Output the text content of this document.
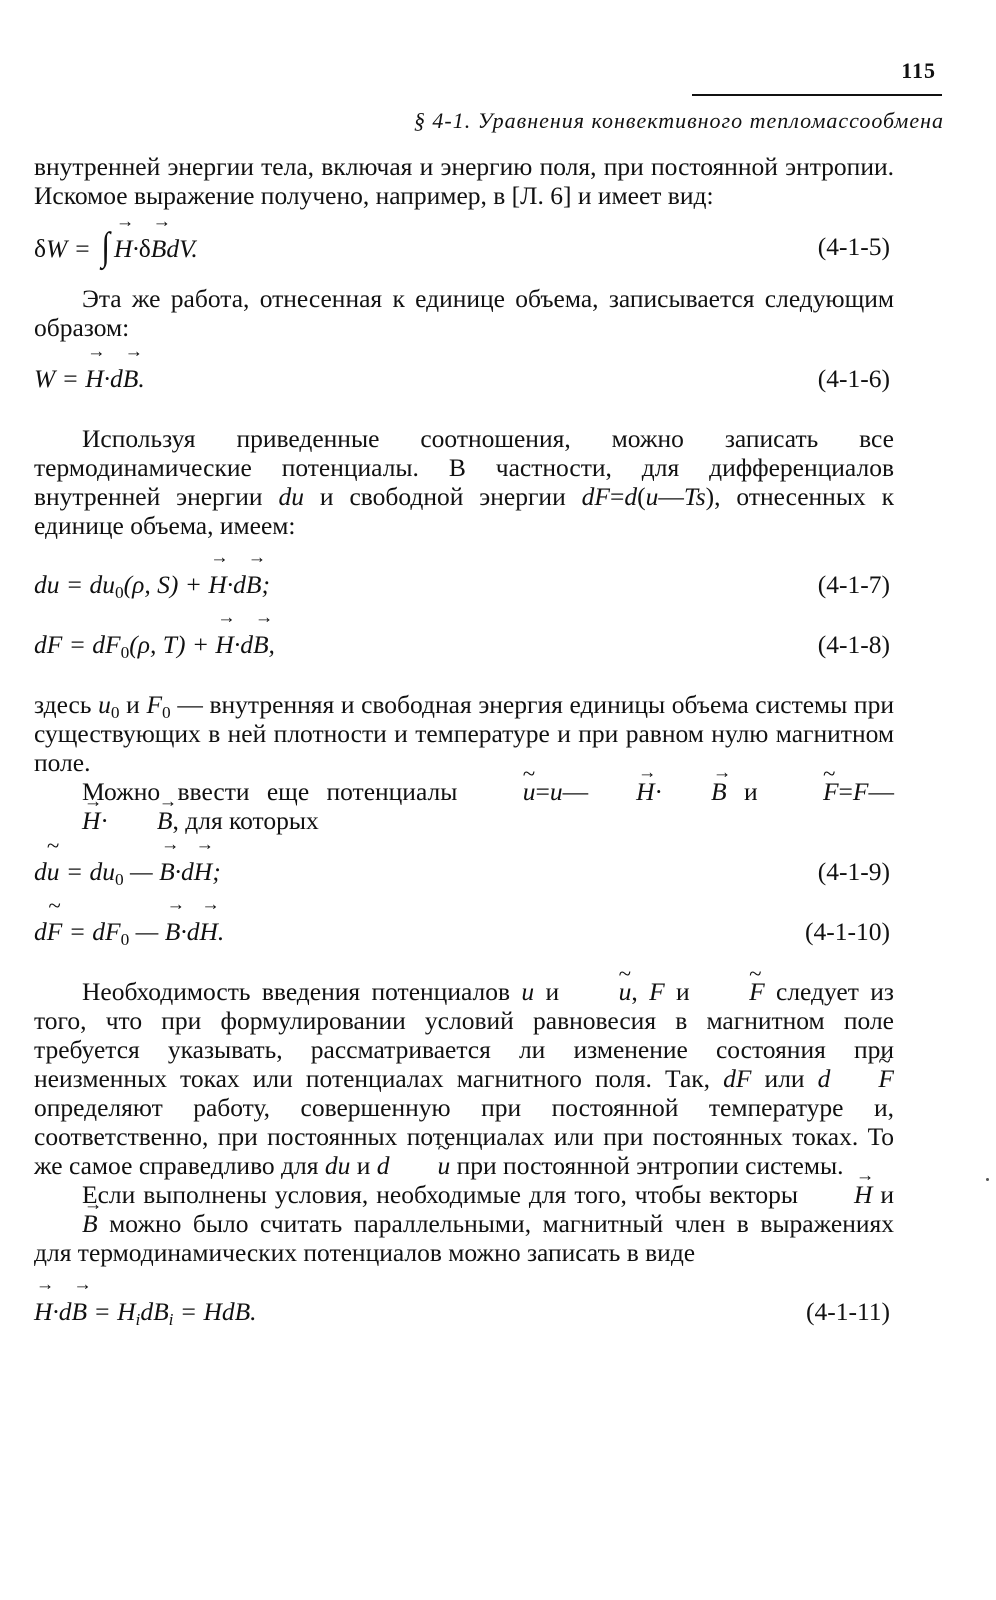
115
§ 4-1. Уравнения конвективного тепломассообмена

внутренней энергии тела, включая и энергию поля, при постоянной энтропии. Искомое выражение получено, например, в [Л. 6] и имеет вид:

δW = ∫ → H·δ→ BdV.	(4-1-5)

Эта же работа, отнесенная к единице объема, записывается следующим образом:

W = → H·d→ B.	(4-1-6)

Используя приведенные соотношения, можно записать все термодинамические потенциалы. В частности, для дифференциалов внутренней энергии du и свободной энергии dF=d(u—Ts), отнесенных к единице объема, имеем:

du = $du_0(\rho$, S) + → H·d→ B;	(4-1-7)
dF = $dF_0(\rho$, T) + → H·d→ B,	(4-1-8)

здесь $u_0$ и $F_0$ — внутренняя и свободная энергия единицы объема системы при существующих в ней плотности и температуре и при равном нулю магнитном поле.

Можно ввести еще потенциалы ~ u=u— → H· → B и ~ F=F—→ H· → B, для которых

d~ $u = du_0$ — → B·d→ H;	(4-1-9)
d~ $F = dF_0$ — → B·d→ H.	(4-1-10)

Необходимость введения потенциалов u и ~ u, F и ~ F следует из того, что при формулировании условий равновесия в магнитном поле требуется указывать, рассматривается ли изменение состояния при неизменных токах или потенциалах магнитного поля. Так, dF или d ~ F определяют работу, совершенную при постоянной температуре и, соответственно, при постоянных потенциалах или при постоянных токах. То же самое справедливо для du и d ~ u при постоянной энтропии системы.

Если выполнены условия, необходимые для того, чтобы векторы → H и → B можно было считать параллельными, магнитный член в выражениях для термодинамических потенциалов можно записать в виде

→ $H\cdot d\to B = H_idB_i$ = HdB.	(4-1-11)
